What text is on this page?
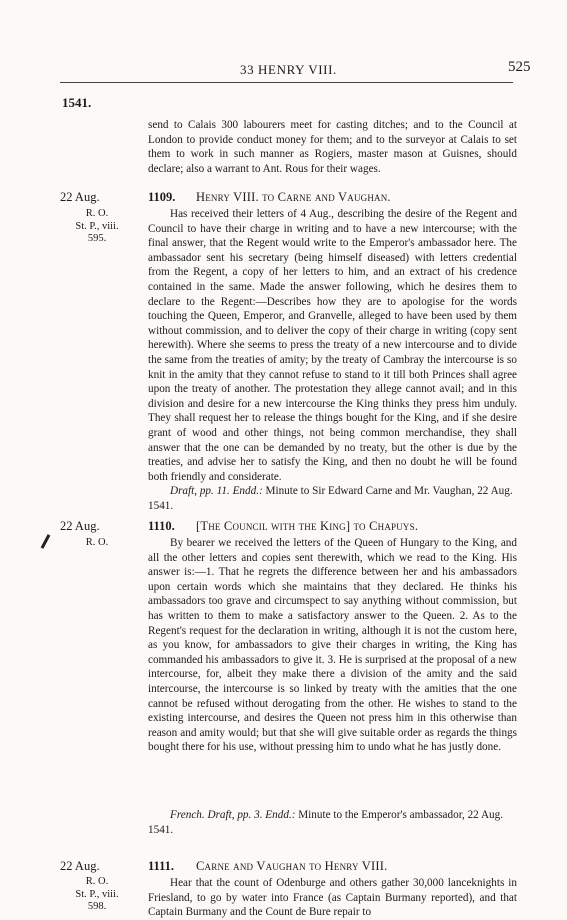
33 HENRY VIII.	525
1541.

send to Calais 300 labourers meet for casting ditches; and to the Council at London to provide conduct money for them; and to the surveyor at Calais to set them to work in such manner as Rogiers, master mason at Guisnes, should declare; also a warrant to Ant. Rous for their wages.

22 Aug.	1109. Henry VIII. to Carne and Vaughan.
R. O.
St. P., viii.
595.

Has received their letters of 4 Aug., describing the desire of the Regent and Council to have their charge in writing and to have a new intercourse; with the final answer, that the Regent would write to the Emperor's ambassador here. The ambassador sent his secretary (being himself diseased) with letters credential from the Regent, a copy of her letters to him, and an extract of his credence contained in the same. Made the answer following, which he desires them to declare to the Regent:—Describes how they are to apologise for the words touching the Queen, Emperor, and Granvelle, alleged to have been used by them without commission, and to deliver the copy of their charge in writing (copy sent herewith). Where she seems to press the treaty of a new intercourse and to divide the same from the treaties of amity; by the treaty of Cambray the intercourse is so knit in the amity that they cannot refuse to stand to it till both Princes shall agree upon the treaty of another. The protestation they allege cannot avail; and in this division and desire for a new intercourse the King thinks they press him unduly. They shall request her to release the things bought for the King, and if she desire grant of wood and other things, not being common merchandise, they shall answer that the one can be demanded by no treaty, but the other is due by the treaties, and advise her to satisfy the King, and then no doubt he will be found both friendly and considerate.

Draft, pp. 11. Endd.: Minute to Sir Edward Carne and Mr. Vaughan, 22 Aug. 1541.

22 Aug.	1110. [The Council with the King] to Chapuys.
R. O.	By bearer we received the letters of the Queen of Hungary to the King, and all the other letters and copies sent therewith, which we read to the King. His answer is:—1. That he regrets the difference between her and his ambassadors upon certain words which she maintains that they declared. He thinks his ambassadors too grave and circumspect to say anything without commission, but has written to them to make a satisfactory answer to the Queen. 2. As to the Regent's request for the declaration in writing, although it is not the custom here, as you know, for ambassadors to give their charges in writing, the King has commanded his ambassadors to give it. 3. He is surprised at the proposal of a new intercourse, for, albeit they make there a division of the amity and the said intercourse, the intercourse is so linked by treaty with the amities that the one cannot be refused without derogating from the other. He wishes to stand to the existing intercourse, and desires the Queen not press him in this otherwise than reason and amity would; but that she will give suitable order as regards the things bought there for his use, without pressing him to undo what he has justly done.

French. Draft, pp. 3. Endd.: Minute to the Emperor's ambassador, 22 Aug. 1541.

22 Aug.	1111. Carne and Vaughan to Henry VIII.
R. O.
St. P., viii.
598.

Hear that the count of Odenburge and others gather 30,000 lanceknights in Friesland, to go by water into France (as Captain Burmany reported), and that Captain Burmany and the Count de Bure repair to
